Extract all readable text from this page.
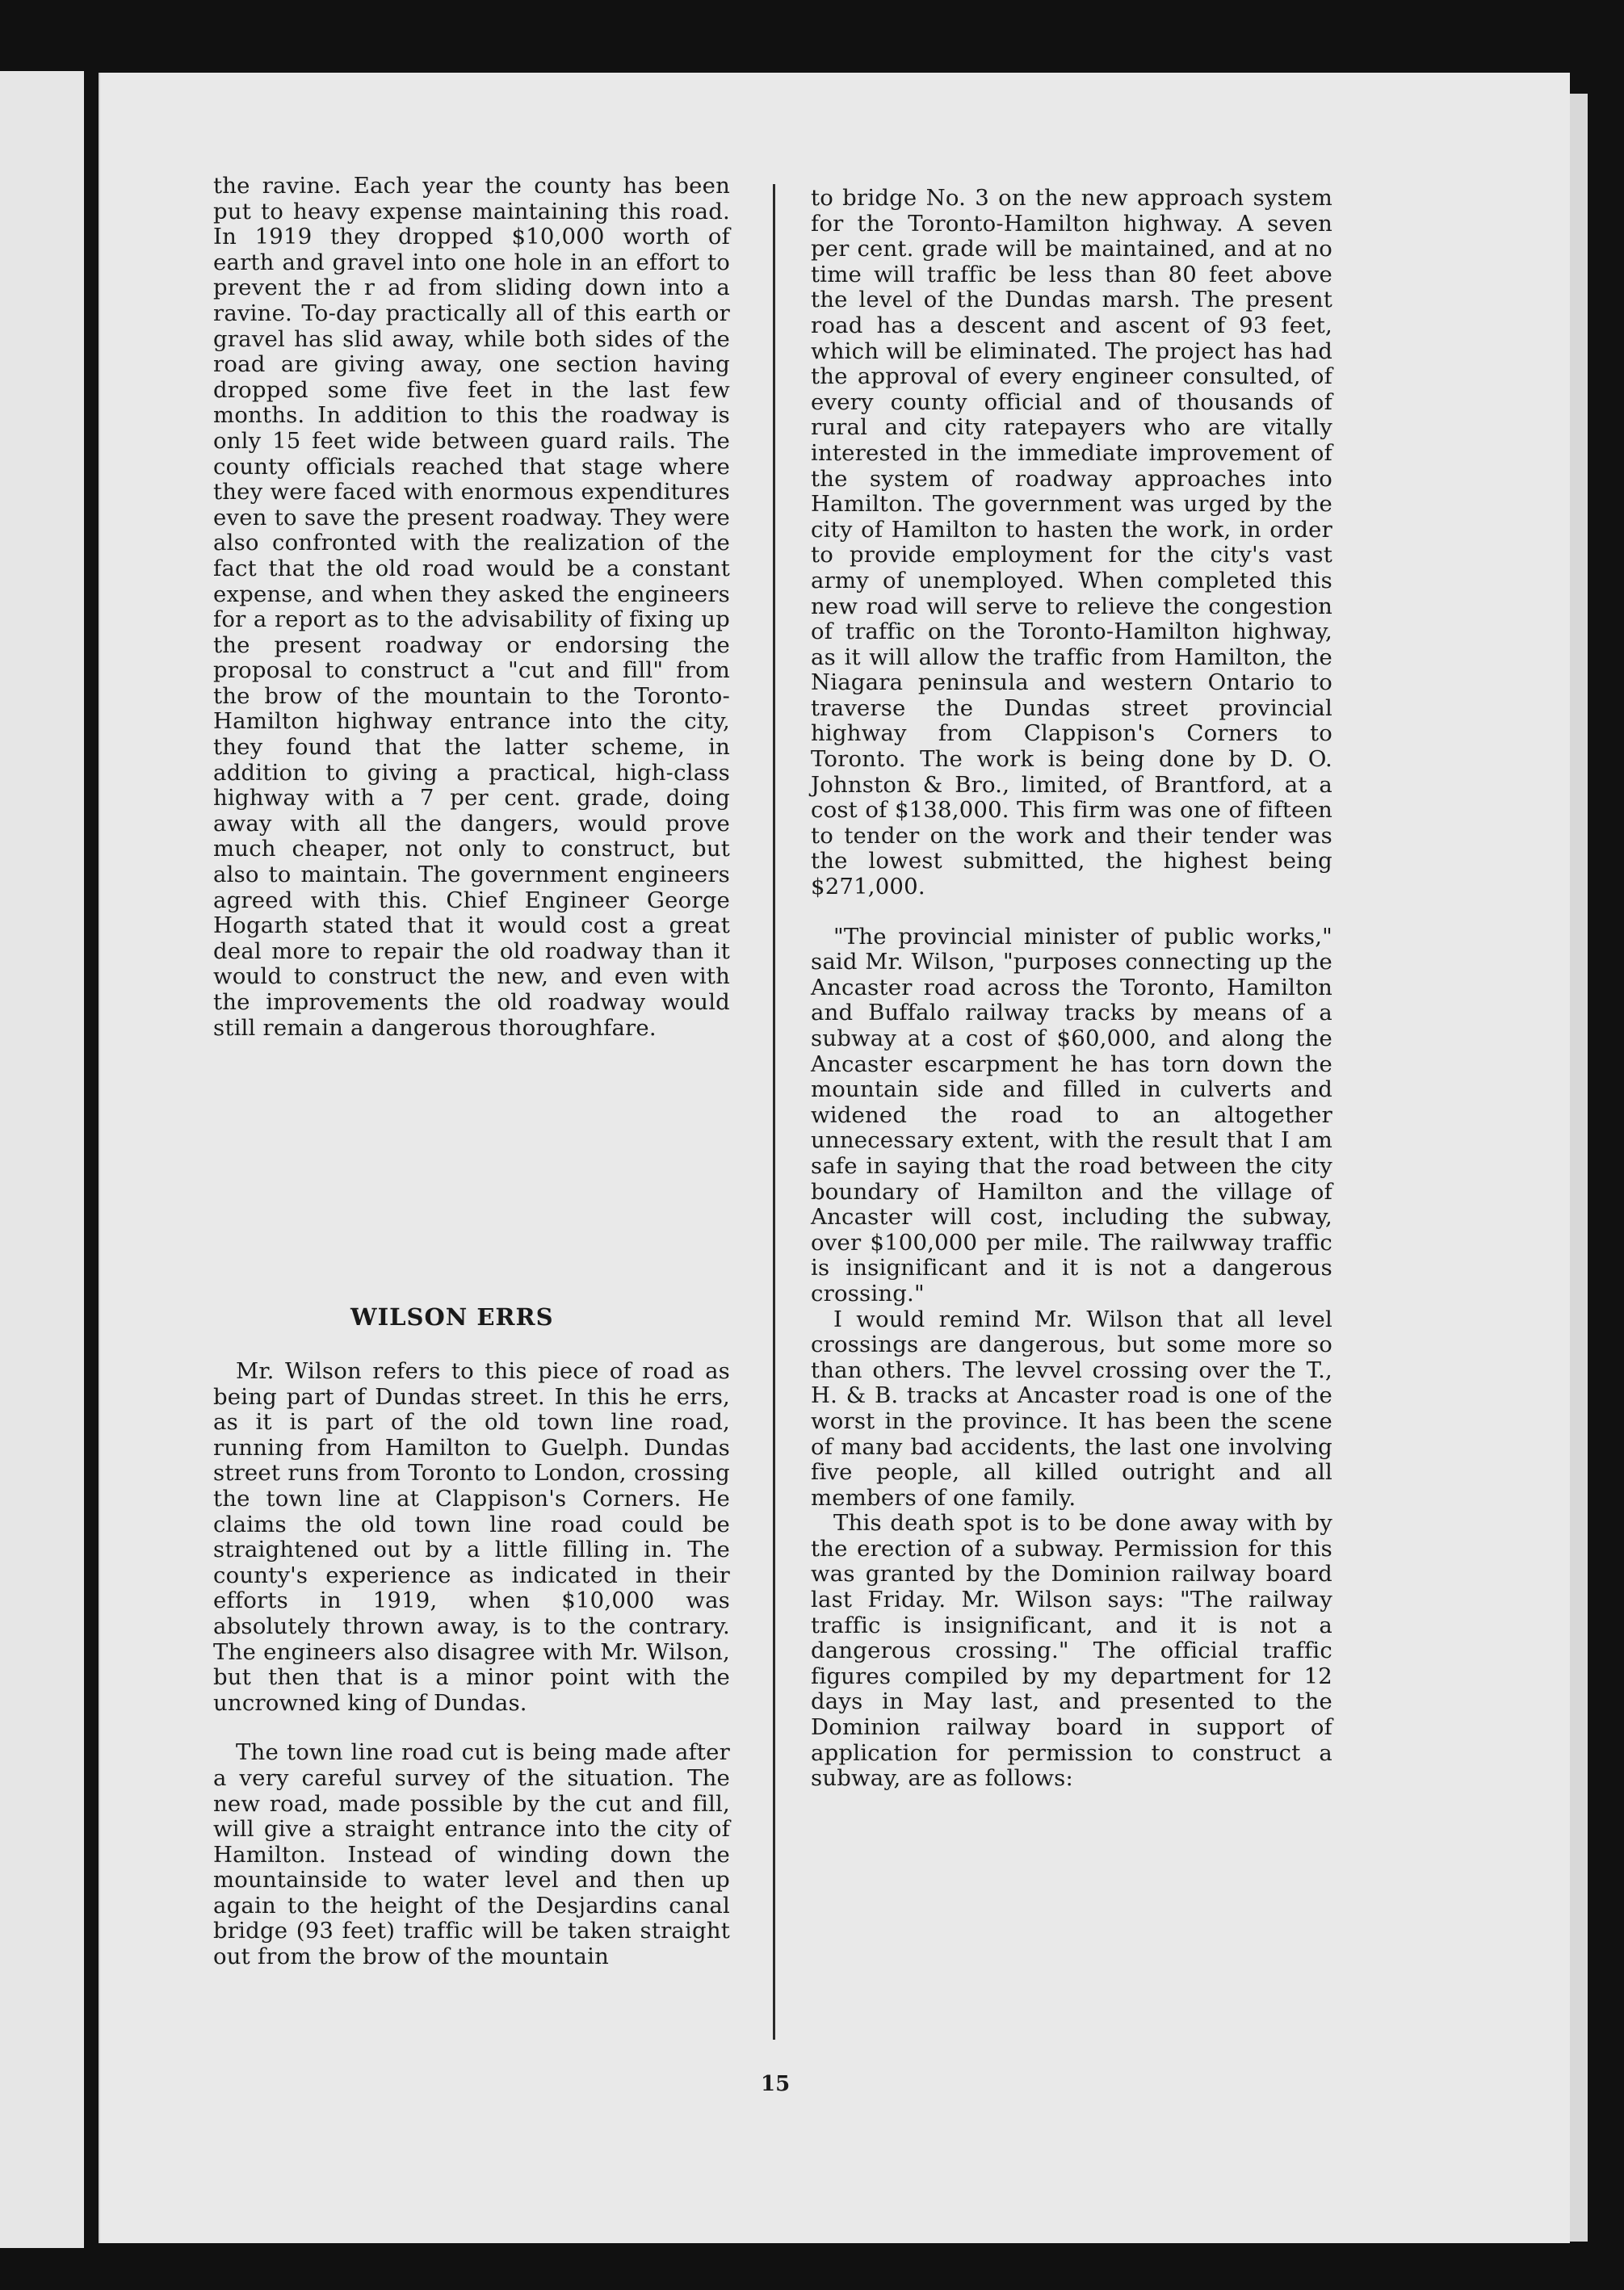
the ravine. Each year the county has been put to heavy expense maintaining this road. In 1919 they dropped $10,000 worth of earth and gravel into one hole in an effort to prevent the r ad from sliding down into a ravine. To-day practically all of this earth or gravel has slid away, while both sides of the road are giving away, one section having dropped some five feet in the last few months. In addition to this the roadway is only 15 feet wide between guard rails. The county officials reached that stage where they were faced with enormous expenditures even to save the present roadway. They were also confronted with the realization of the fact that the old road would be a constant expense, and when they asked the engineers for a report as to the advisability of fixing up the present roadway or endorsing the proposal to construct a "cut and fill" from the brow of the mountain to the Toronto-Hamilton highway entrance into the city, they found that the latter scheme, in addition to giving a practical, high-class highway with a 7 per cent. grade, doing away with all the dangers, would prove much cheaper, not only to construct, but also to maintain. The government engineers agreed with this. Chief Engineer George Hogarth stated that it would cost a great deal more to repair the old roadway than it would to construct the new, and even with the improvements the old roadway would still remain a dangerous thoroughfare.

WILSON ERRS

Mr. Wilson refers to this piece of road as being part of Dundas street. In this he errs, as it is part of the old town line road, running from Hamilton to Guelph. Dundas street runs from Toronto to London, crossing the town line at Clappison's Corners. He claims the old town line road could be straightened out by a little filling in. The county's experience as indicated in their efforts in 1919, when $10,000 was absolutely thrown away, is to the contrary. The engineers also disagree with Mr. Wilson, but then that is a minor point with the uncrowned king of Dundas.

The town line road cut is being made after a very careful survey of the situation. The new road, made possible by the cut and fill, will give a straight entrance into the city of Hamilton. Instead of winding down the mountainside to water level and then up again to the height of the Desjardins canal bridge (93 feet) traffic will be taken straight out from the brow of the mountain

to bridge No. 3 on the new approach system for the Toronto-Hamilton highway. A seven per cent. grade will be maintained, and at no time will traffic be less than 80 feet above the level of the Dundas marsh. The present road has a descent and ascent of 93 feet, which will be eliminated. The project has had the approval of every engineer consulted, of every county official and of thousands of rural and city ratepayers who are vitally interested in the immediate improvement of the system of roadway approaches into Hamilton. The government was urged by the city of Hamilton to hasten the work, in order to provide employment for the city's vast army of unemployed. When completed this new road will serve to relieve the congestion of traffic on the Toronto-Hamilton highway, as it will allow the traffic from Hamilton, the Niagara peninsula and western Ontario to traverse the Dundas street provincial highway from Clappison's Corners to Toronto. The work is being done by D. O. Johnston & Bro., limited, of Brantford, at a cost of $138,000. This firm was one of fifteen to tender on the work and their tender was the lowest submitted, the highest being $271,000.

"The provincial minister of public works," said Mr. Wilson, "purposes connecting up the Ancaster road across the Toronto, Hamilton and Buffalo railway tracks by means of a subway at a cost of $60,000, and along the Ancaster escarpment he has torn down the mountain side and filled in culverts and widened the road to an altogether unnecessary extent, with the result that I am safe in saying that the road between the city boundary of Hamilton and the village of Ancaster will cost, including the subway, over $100,000 per mile. The railwway traffic is insignificant and it is not a dangerous crossing."

I would remind Mr. Wilson that all level crossings are dangerous, but some more so than others. The levvel crossing over the T., H. & B. tracks at Ancaster road is one of the worst in the province. It has been the scene of many bad accidents, the last one involving five people, all killed outright and all members of one family.

This death spot is to be done away with by the erection of a subway. Permission for this was granted by the Dominion railway board last Friday. Mr. Wilson says: "The railway traffic is insignificant, and it is not a dangerous crossing." The official traffic figures compiled by my department for 12 days in May last, and presented to the Dominion railway board in support of application for permission to construct a subway, are as follows:

15
